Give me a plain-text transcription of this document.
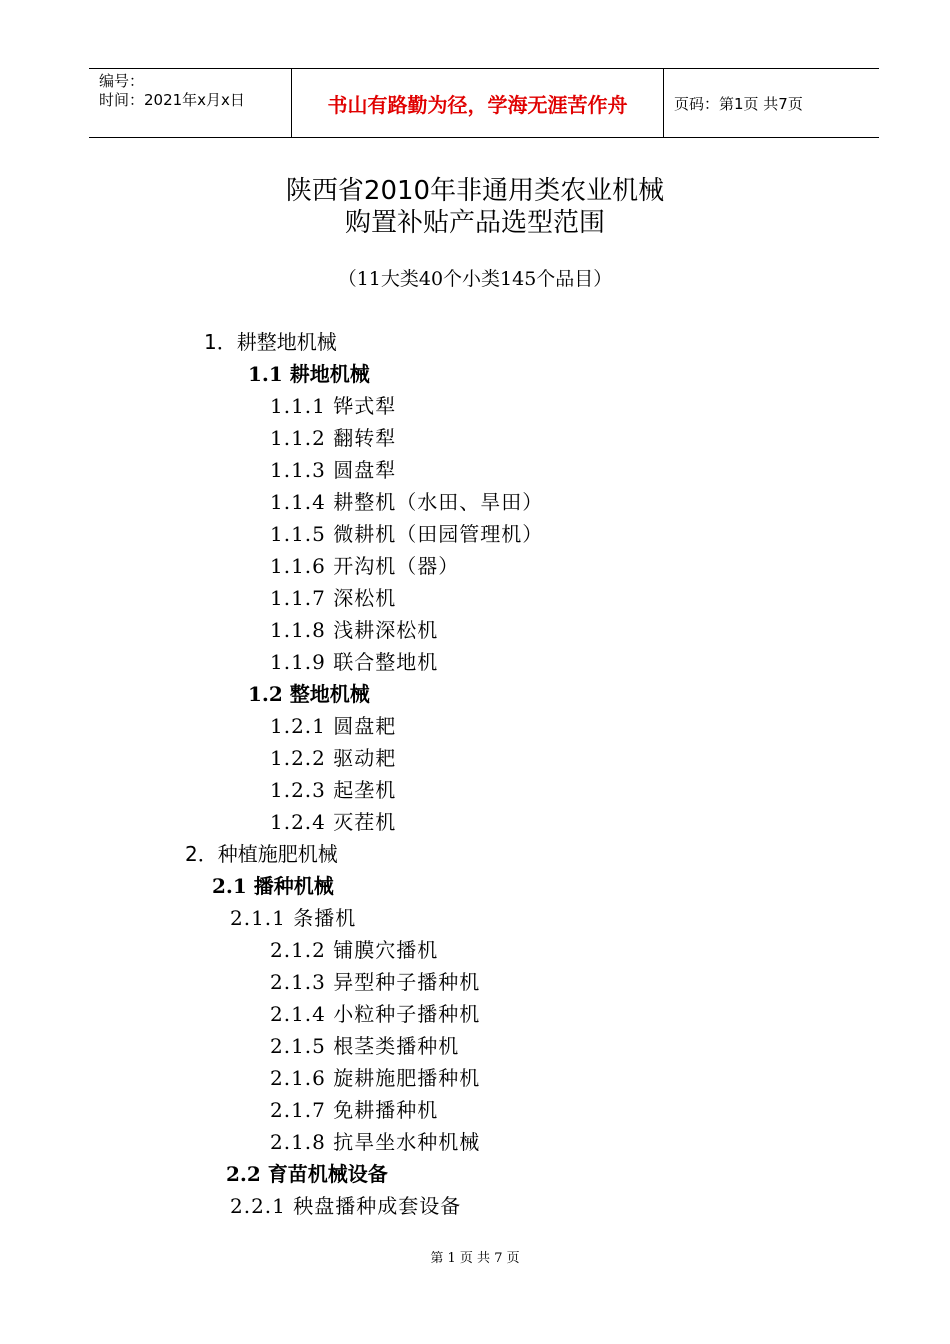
编号：
时间：2021年x月x日	书山有路勤为径，学海无涯苦作舟	页码：第1页 共7页
陕西省2010年非通用类农业机械
购置补贴产品选型范围
（11大类40个小类145个品目）
1．耕整地机械
1.1 耕地机械
1.1.1 铧式犁
1.1.2 翻转犁
1.1.3 圆盘犁
1.1.4 耕整机（水田、旱田）
1.1.5 微耕机（田园管理机）
1.1.6 开沟机（器）
1.1.7 深松机
1.1.8 浅耕深松机
1.1.9 联合整地机
1.2 整地机械
1.2.1 圆盘耙
1.2.2 驱动耙
1.2.3 起垄机
1.2.4 灭茬机
2．种植施肥机械
2.1 播种机械
2.1.1 条播机
2.1.2 铺膜穴播机
2.1.3 异型种子播种机
2.1.4 小粒种子播种机
2.1.5 根茎类播种机
2.1.6 旋耕施肥播种机
2.1.7 免耕播种机
2.1.8 抗旱坐水种机械
2.2 育苗机械设备
2.2.1 秧盘播种成套设备
第 1 页 共 7 页
